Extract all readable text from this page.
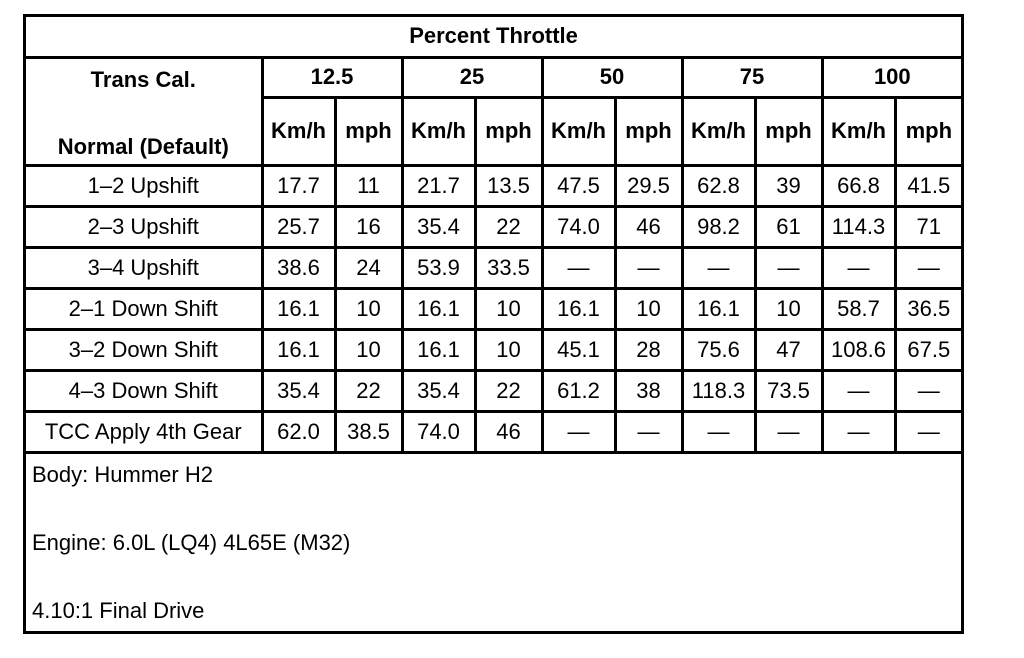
Percent Throttle										

Trans Cal.
Normal (Default)	12.5		25		50		75		100	
	Km/h	mph	Km/h	mph	Km/h	mph	Km/h	mph	Km/h	mph
1–2 Upshift	17.7	11	21.7	13.5	47.5	29.5	62.8	39	66.8	41.5
2–3 Upshift	25.7	16	35.4	22	74.0	46	98.2	61	114.3	71
3–4 Upshift	38.6	24	53.9	33.5	—	—	—	—	—	—
2–1 Down Shift	16.1	10	16.1	10	16.1	10	16.1	10	58.7	36.5
3–2 Down Shift	16.1	10	16.1	10	45.1	28	75.6	47	108.6	67.5
4–3 Down Shift	35.4	22	35.4	22	61.2	38	118.3	73.5	—	—
TCC Apply 4th Gear	62.0	38.5	74.0	46	—	—	—	—	—	—
Body: Hummer H2
Engine: 6.0L (LQ4) 4L65E (M32)
4.10:1 Final Drive
